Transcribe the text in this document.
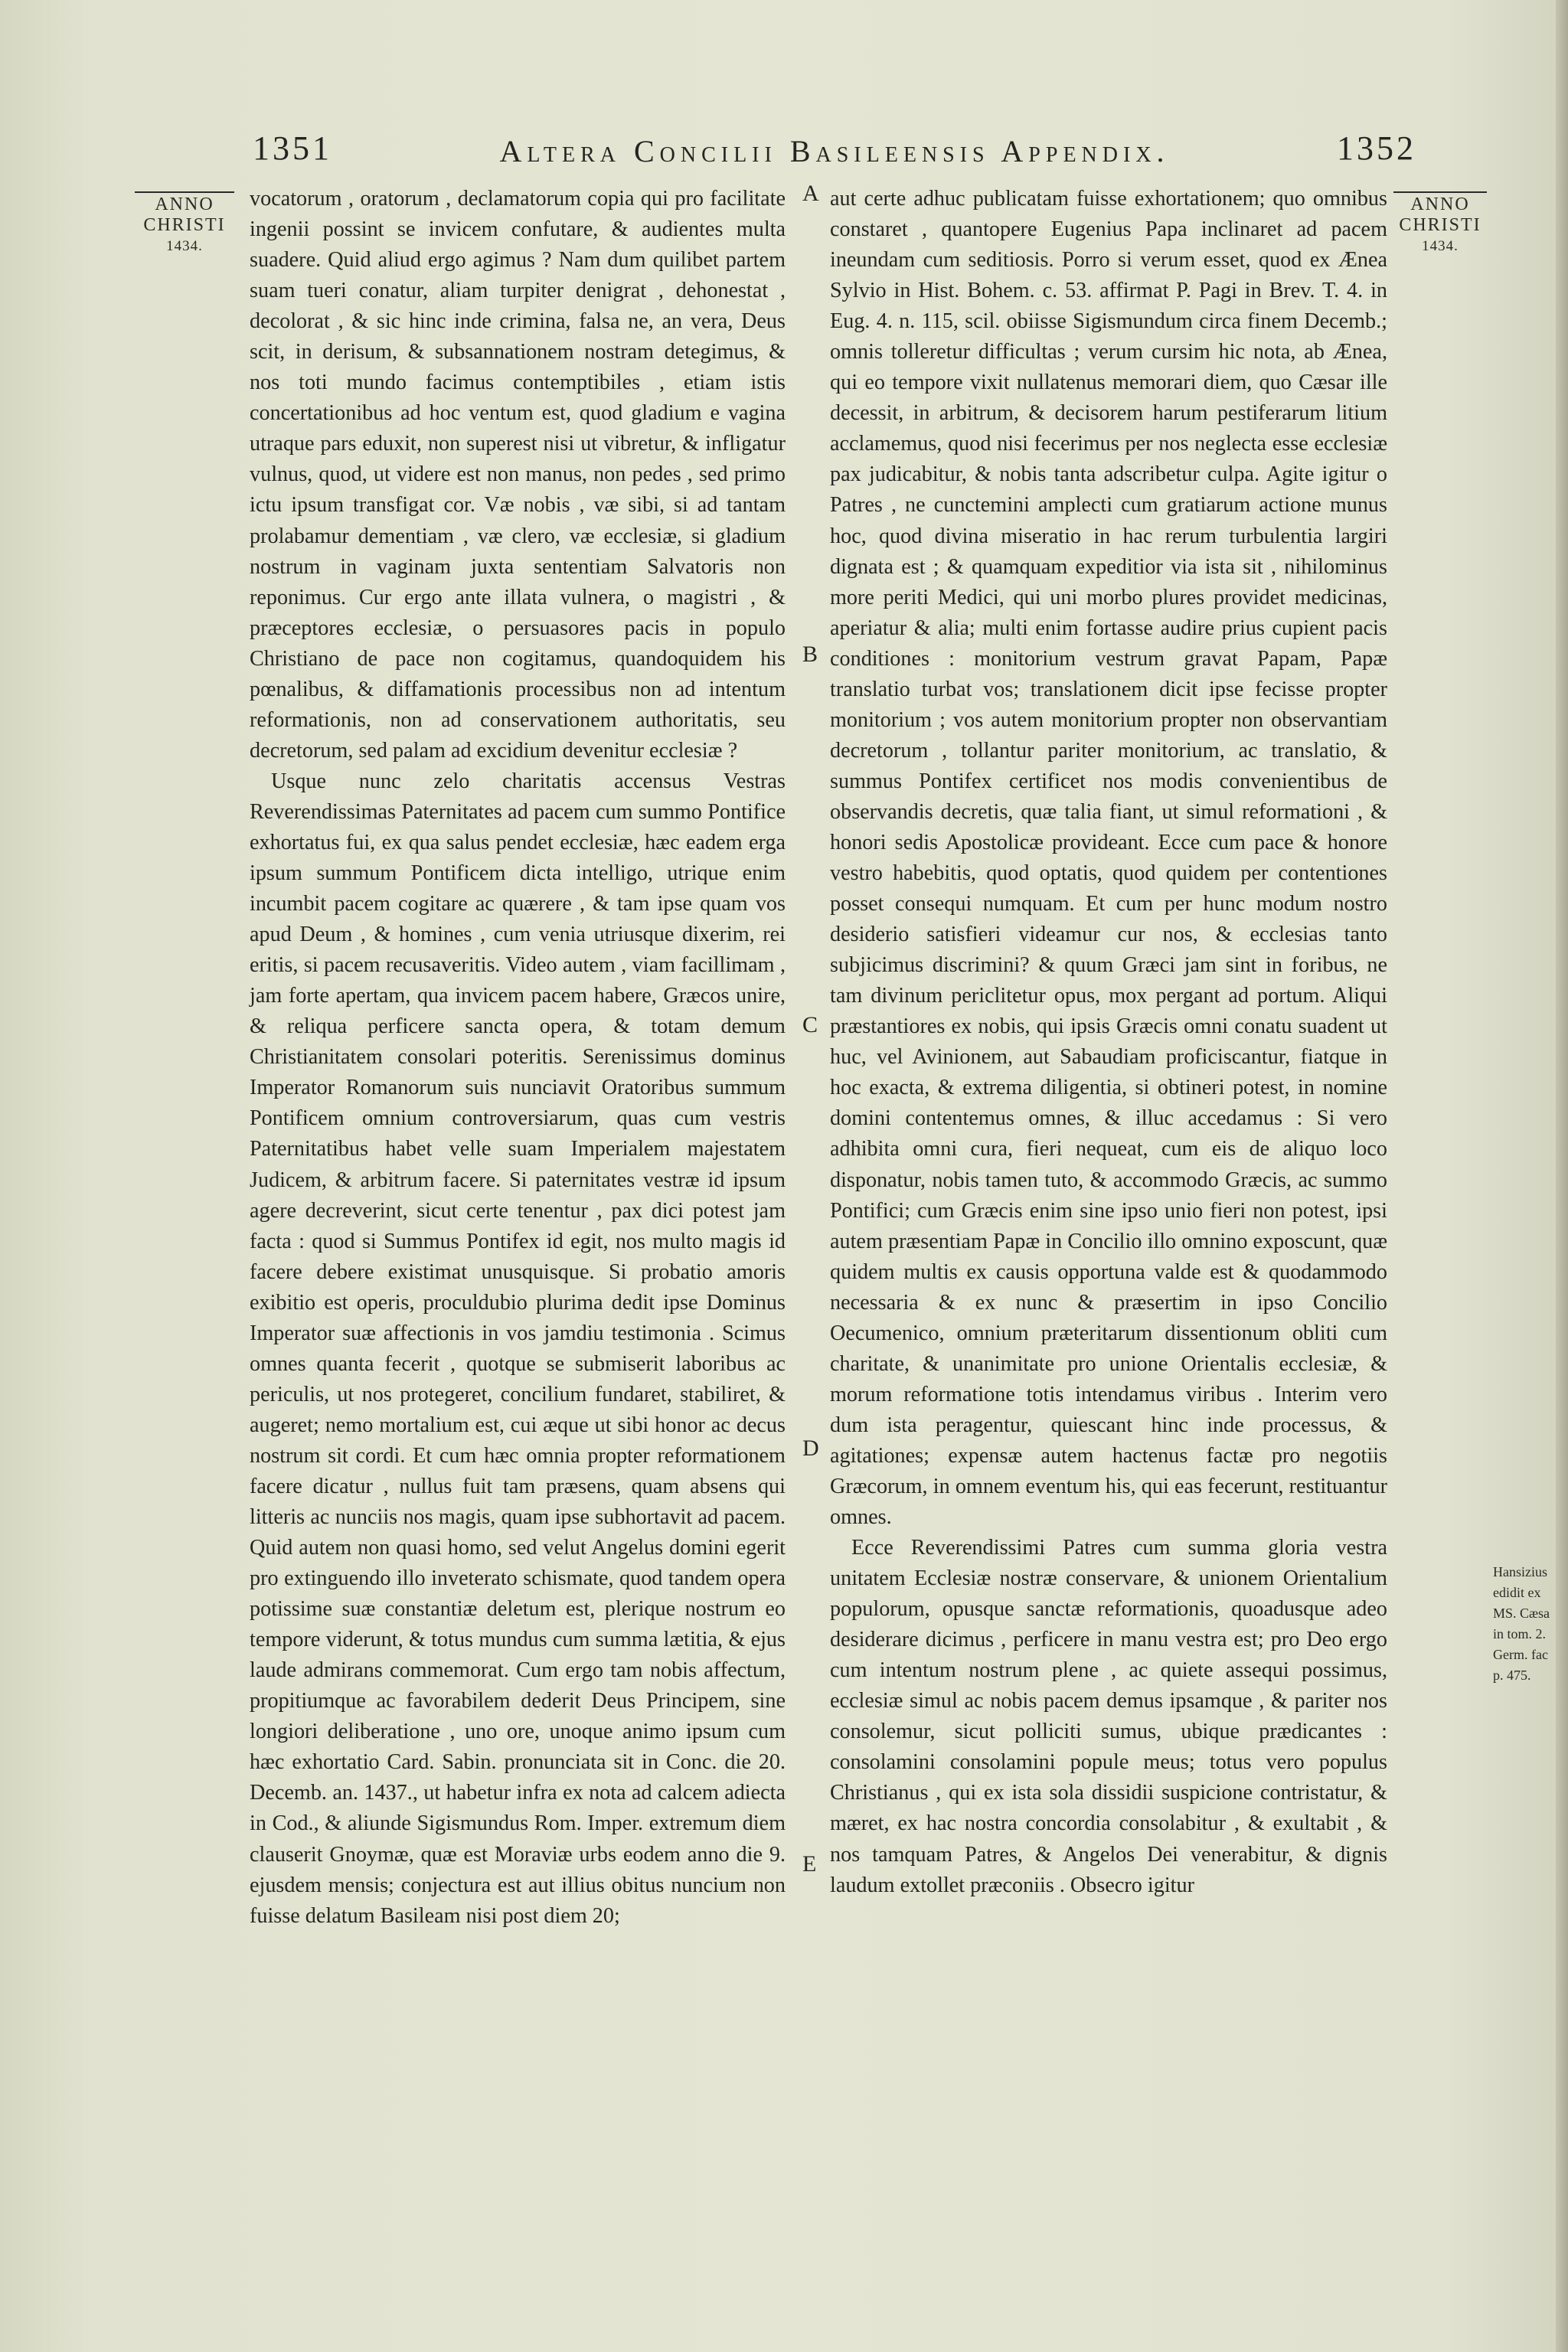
1351	Altera Concilii Basileensis Appendix.	1352
ANNO
CHRISTI
1434.
ANNO
CHRISTI
1434.
Hansizius
edidit ex
MS. Cæsa
in tom. 2.
Germ. fac
p. 475.
A
B
C
D
E

vocatorum , oratorum , declamatorum copia qui pro facilitate ingenii possint se invicem confutare, & audientes multa suadere. Quid aliud ergo agimus ? Nam dum quilibet partem suam tueri conatur, aliam turpiter denigrat , dehonestat , decolorat , & sic hinc inde crimina, falsa ne, an vera, Deus scit, in derisum, & subsannationem nostram detegimus, & nos toti mundo facimus contemptibiles , etiam istis concertationibus ad hoc ventum est, quod gladium e vagina utraque pars eduxit, non superest nisi ut vibretur, & infligatur vulnus, quod, ut videre est non manus, non pedes , sed primo ictu ipsum transfigat cor. Væ nobis , væ sibi, si ad tantam prolabamur dementiam , væ clero, væ ecclesiæ, si gladium nostrum in vaginam juxta sententiam Salvatoris non reponimus. Cur ergo ante illata vulnera, o magistri , & præceptores ecclesiæ, o persuasores pacis in populo Christiano de pace non cogitamus, quandoquidem his pœnalibus, & diffamationis processibus non ad intentum reformationis, non ad conservationem authoritatis, seu decretorum, sed palam ad excidium devenitur ecclesiæ ?

Usque nunc zelo charitatis accensus Vestras Reverendissimas Paternitates ad pacem cum summo Pontifice exhortatus fui, ex qua salus pendet ecclesiæ, hæc eadem erga ipsum summum Pontificem dicta intelligo, utrique enim incumbit pacem cogitare ac quærere , & tam ipse quam vos apud Deum , & homines , cum venia utriusque dixerim, rei eritis, si pacem recusaveritis. Video autem , viam facillimam , jam forte apertam, qua invicem pacem habere, Græcos unire, & reliqua perficere sancta opera, & totam demum Christianitatem consolari poteritis. Serenissimus dominus Imperator Romanorum suis nunciavit Oratoribus summum Pontificem omnium controversiarum, quas cum vestris Paternitatibus habet velle suam Imperialem majestatem Judicem, & arbitrum facere. Si paternitates vestræ id ipsum agere decreverint, sicut certe tenentur , pax dici potest jam facta : quod si Summus Pontifex id egit, nos multo magis id facere debere existimat unusquisque. Si probatio amoris exibitio est operis, proculdubio plurima dedit ipse Dominus Imperator suæ affectionis in vos jamdiu testimonia . Scimus omnes quanta fecerit , quotque se submiserit laboribus ac periculis, ut nos protegeret, concilium fundaret, stabiliret, & augeret; nemo mortalium est, cui æque ut sibi honor ac decus nostrum sit cordi. Et cum hæc omnia propter reformationem facere dicatur , nullus fuit tam præsens, quam absens qui litteris ac nunciis nos magis, quam ipse subhortavit ad pacem. Quid autem non quasi homo, sed velut Angelus domini egerit pro extinguendo illo inveterato schismate, quod tandem opera potissime suæ constantiæ deletum est, plerique nostrum eo tempore viderunt, & totus mundus cum summa lætitia, & ejus laude admirans commemorat. Cum ergo tam nobis affectum, propitiumque ac favorabilem dederit Deus Principem, sine longiori deliberatione , uno ore, unoque animo ipsum cum hæc exhortatio Card. Sabin. pronunciata sit in Conc. die 20. Decemb. an. 1437., ut habetur infra ex nota ad calcem adiecta in Cod., & aliunde Sigismundus Rom. Imper. extremum diem clauserit Gnoymæ, quæ est Moraviæ urbs eodem anno die 9. ejusdem mensis; conjectura est aut illius obitus nuncium non fuisse delatum Basileam nisi post diem 20;

aut certe adhuc publicatam fuisse exhortationem; quo omnibus constaret , quantopere Eugenius Papa inclinaret ad pacem ineundam cum seditiosis. Porro si verum esset, quod ex Ænea Sylvio in Hist. Bohem. c. 53. affirmat P. Pagi in Brev. T. 4. in Eug. 4. n. 115, scil. obiisse Sigismundum circa finem Decemb.; omnis tolleretur difficultas ; verum cursim hic nota, ab Ænea, qui eo tempore vixit nullatenus memorari diem, quo Cæsar ille decessit, in arbitrum, & decisorem harum pestiferarum litium acclamemus, quod nisi fecerimus per nos neglecta esse ecclesiæ pax judicabitur, & nobis tanta adscribetur culpa. Agite igitur o Patres , ne cunctemini amplecti cum gratiarum actione munus hoc, quod divina miseratio in hac rerum turbulentia largiri dignata est ; & quamquam expeditior via ista sit , nihilominus more periti Medici, qui uni morbo plures providet medicinas, aperiatur & alia; multi enim fortasse audire prius cupient pacis conditiones : monitorium vestrum gravat Papam, Papæ translatio turbat vos; translationem dicit ipse fecisse propter monitorium ; vos autem monitorium propter non observantiam decretorum , tollantur pariter monitorium, ac translatio, & summus Pontifex certificet nos modis convenientibus de observandis decretis, quæ talia fiant, ut simul reformationi , & honori sedis Apostolicæ provideant. Ecce cum pace & honore vestro habebitis, quod optatis, quod quidem per contentiones posset consequi numquam. Et cum per hunc modum nostro desiderio satisfieri videamur cur nos, & ecclesias tanto subjicimus discrimini? & quum Græci jam sint in foribus, ne tam divinum periclitetur opus, mox pergant ad portum. Aliqui præstantiores ex nobis, qui ipsis Græcis omni conatu suadent ut huc, vel Avinionem, aut Sabaudiam proficiscantur, fiatque in hoc exacta, & extrema diligentia, si obtineri potest, in nomine domini contentemus omnes, & illuc accedamus : Si vero adhibita omni cura, fieri nequeat, cum eis de aliquo loco disponatur, nobis tamen tuto, & accommodo Græcis, ac summo Pontifici; cum Græcis enim sine ipso unio fieri non potest, ipsi autem præsentiam Papæ in Concilio illo omnino exposcunt, quæ quidem multis ex causis opportuna valde est & quodammodo necessaria & ex nunc & præsertim in ipso Concilio Oecumenico, omnium præteritarum dissentionum obliti cum charitate, & unanimitate pro unione Orientalis ecclesiæ, & morum reformatione totis intendamus viribus . Interim vero dum ista peragentur, quiescant hinc inde processus, & agitationes; expensæ autem hactenus factæ pro negotiis Græcorum, in omnem eventum his, qui eas fecerunt, restituantur omnes.

Ecce Reverendissimi Patres cum summa gloria vestra unitatem Ecclesiæ nostræ conservare, & unionem Orientalium populorum, opusque sanctæ reformationis, quoadusque adeo desiderare dicimus , perficere in manu vestra est; pro Deo ergo cum intentum nostrum plene , ac quiete assequi possimus, ecclesiæ simul ac nobis pacem demus ipsamque , & pariter nos consolemur, sicut polliciti sumus, ubique prædicantes : consolamini consolamini popule meus; totus vero populus Christianus , qui ex ista sola dissidii suspicione contristatur, & mæret, ex hac nostra concordia consolabitur , & exultabit , & nos tamquam Patres, & Angelos Dei venerabitur, & dignis laudum extollet præconiis . Obsecro igitur
